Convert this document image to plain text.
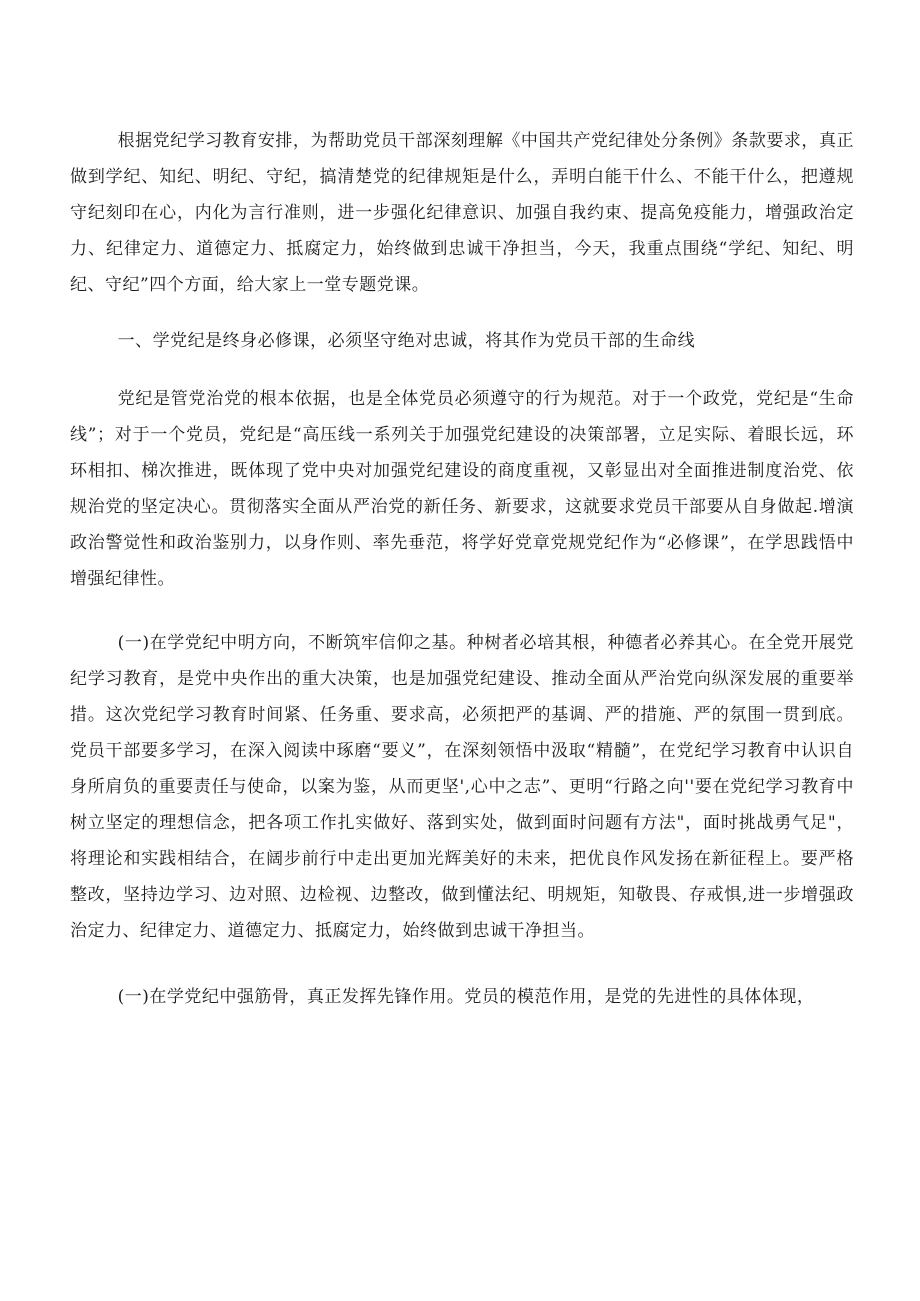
根据党纪学习教育安排，为帮助党员干部深刻理解《中国共产党纪律处分条例》条款要求，真正做到学纪、知纪、明纪、守纪，搞清楚党的纪律规矩是什么，弄明白能干什么、不能干什么，把遵规守纪刻印在心，内化为言行准则，进一步强化纪律意识、加强自我约束、提高免疫能力，增强政治定力、纪律定力、道德定力、抵腐定力，始终做到忠诚干净担当，今天，我重点围绕“学纪、知纪、明纪、守纪”四个方面，给大家上一堂专题党课。

一、学党纪是终身必修课，必须坚守绝对忠诚，将其作为党员干部的生命线

党纪是管党治党的根本依据，也是全体党员必须遵守的行为规范。对于一个政党，党纪是“生命线”；对于一个党员，党纪是“高压线一系列关于加强党纪建设的决策部署，立足实际、着眼长远，环环相扣、梯次推进，既体现了党中央对加强党纪建设的商度重视，又彰显出对全面推进制度治党、依规治党的坚定决心。贯彻落实全面从严治党的新任务、新要求，这就要求党员干部要从自身做起.增演政治警觉性和政治鉴别力，以身作则、率先垂范，将学好党章党规党纪作为“必修课”，在学思践悟中增强纪律性。

(一)在学党纪中明方向，不断筑牢信仰之基。种树者必培其根，种德者必养其心。在全党开展党纪学习教育，是党中央作出的重大决策，也是加强党纪建设、推动全面从严治党向纵深发展的重要举措。这次党纪学习教育时间紧、任务重、要求高，必须把严的基调、严的措施、严的氛围一贯到底。党员干部要多学习，在深入阅读中琢磨“要义”，在深刻领悟中汲取“精髓”，在党纪学习教育中认识自身所肩负的重要责任与使命，以案为鉴，从而更坚',心中之志”、更明“行路之向''要在党纪学习教育中树立坚定的理想信念，把各项工作扎实做好、落到实处，做到面时问题有方法"，面时挑战勇气足"，将理论和实践相结合，在阔步前行中走出更加光辉美好的未来，把优良作风发扬在新征程上。要严格整改，坚持边学习、边对照、边检视、边整改，做到懂法纪、明规矩，知敬畏、存戒惧,进一步增强政治定力、纪律定力、道德定力、抵腐定力，始终做到忠诚干净担当。

(一)在学党纪中强筋骨，真正发挥先锋作用。党员的模范作用，是党的先进性的具体体现，
